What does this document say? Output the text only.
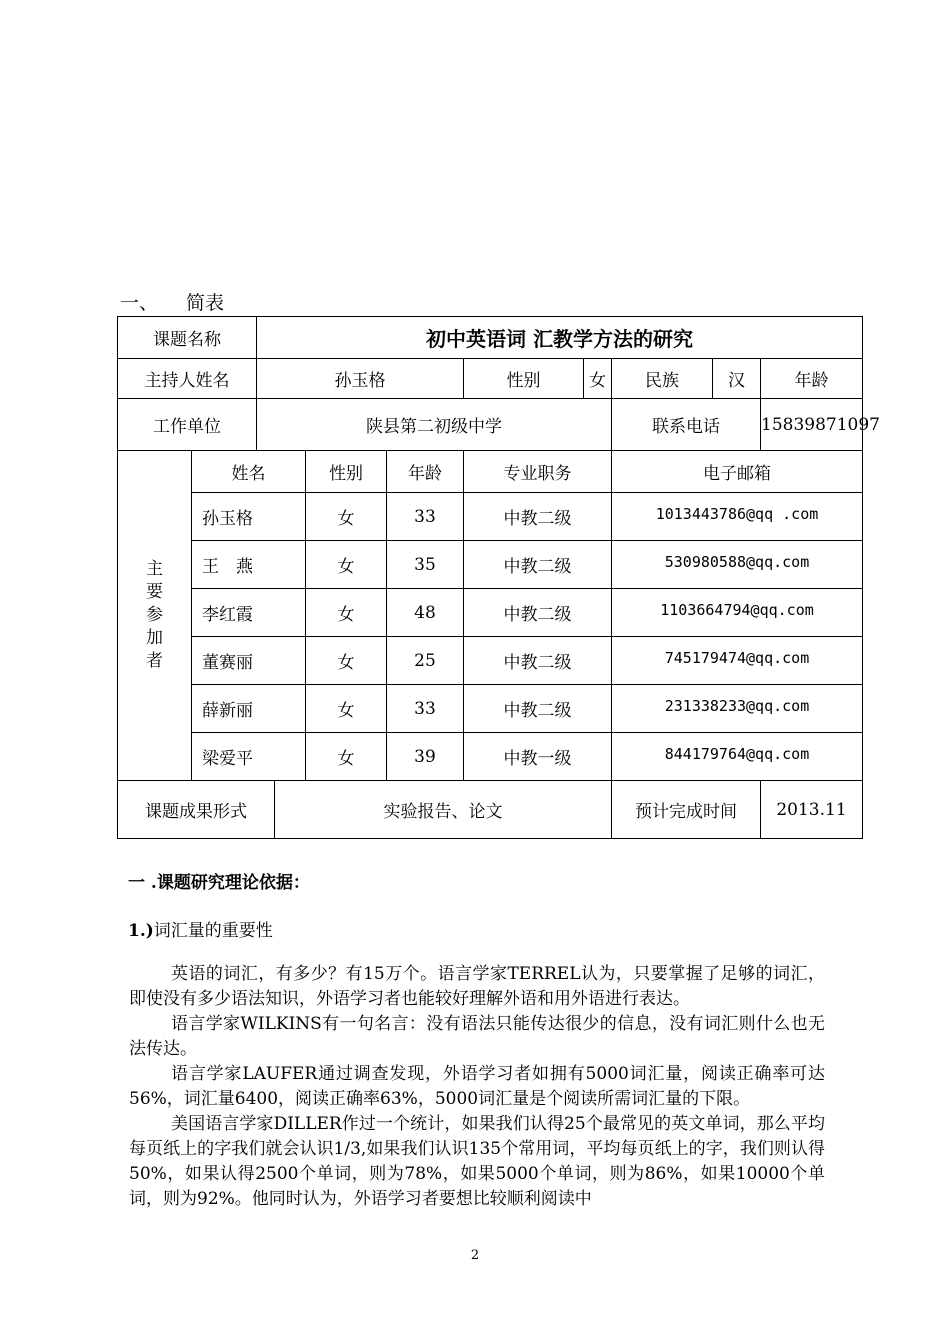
一、 简表
课题名称		初中英语词 汇教学方法的研究									
主持人姓名		孙玉格				性别	女	民族	汉	年龄	
工作单位		陕县第二初级中学						联系电话		15839871097	

主
要
参
加
者	姓名			性别	年龄	专业职务		电子邮箱			
	孙玉格			女	33	中教二级		1013443786@qq .com			
	王　燕			女	35	中教二级		530980588@qq.com			
	李红霞			女	48	中教二级		1103664794@qq.com			
	董赛丽			女	25	中教二级		745179474@qq.com			
	薛新丽			女	33	中教二级		231338233@qq.com			
	梁爱平			女	39	中教一级		844179764@qq.com			
课题成果形式			实验报告、论文					预计完成时间		2013.11	
一 .课题研究理论依据：
1.)词汇量的重要性

英语的词汇，有多少？有15万个。语言学家TERREL认为，只要掌握了足够的词汇，即使没有多少语法知识，外语学习者也能较好理解外语和用外语进行表达。

语言学家WILKINS有一句名言：没有语法只能传达很少的信息，没有词汇则什么也无法传达。

语言学家LAUFER通过调查发现，外语学习者如拥有5000词汇量，阅读正确率可达56%，词汇量6400，阅读正确率63%，5000词汇量是个阅读所需词汇量的下限。

美国语言学家DILLER作过一个统计，如果我们认得25个最常见的英文单词，那么平均每页纸上的字我们就会认识1/3,如果我们认识135个常用词，平均每页纸上的字，我们则认得50%，如果认得2500个单词，则为78%，如果5000个单词，则为86%，如果10000个单词，则为92%。他同时认为，外语学习者要想比较顺利阅读中

2
